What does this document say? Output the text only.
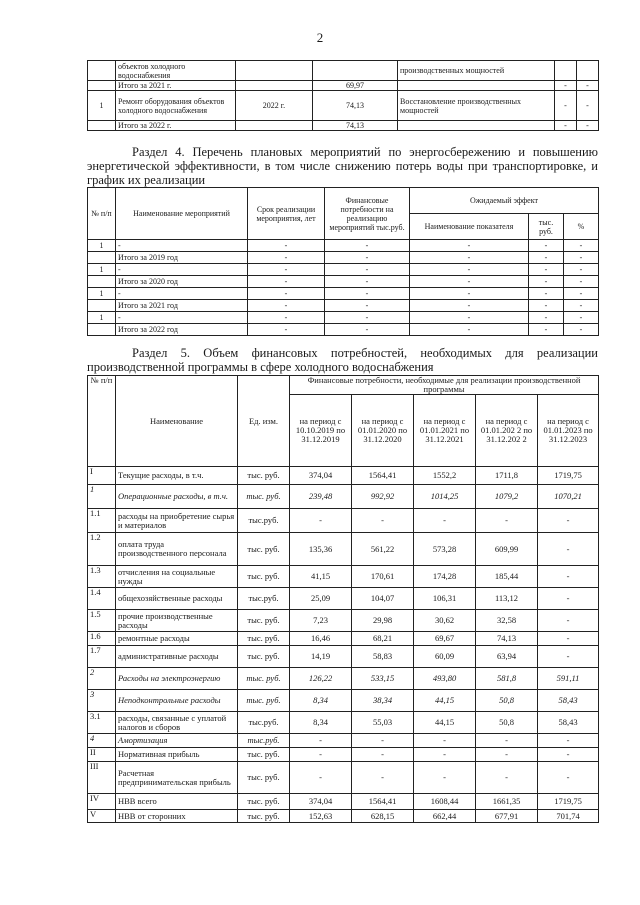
2
	объектов холодного водоснабжения			производственных мощностей		
	Итого за 2021 г.		69,97		-	-
1	Ремонт оборудования объектов холодного водоснабжения	2022 г.	74,13	Восстановление производственных мощностей	-	-
	Итого за 2022 г.		74,13		-	-
Раздел 4. Перечень плановых мероприятий по энергосбережению и повышению энергетической эффективности, в том числе снижению потерь воды при транспортировке, и график их реализации
№ п/п	Наименование мероприятий	Срок реализации мероприятия, лет	Финансовые потребности на реализацию мероприятий тыс.руб.	Ожидаемый эффект		
				Наименование показателя	тыс. руб.	%
1	-	-	-	-	-	-
	Итого за 2019 год	-	-	-	-	-
1	-	-	-	-	-	-
	Итого за 2020 год	-	-	-	-	-
1	-	-	-	-	-	-
	Итого за 2021 год	-	-	-	-	-
1	-	-	-	-	-	-
	Итого за 2022 год	-	-	-	-	-
Раздел 5. Объем финансовых потребностей, необходимых для реализации производственной программы в сфере холодного водоснабжения
№ п/п	Наименование	Ед. изм.	Финансовые потребности, необходимые для реализации производственной программы				
			на период с 10.10.2019 по 31.12.2019	на период с 01.01.2020 по 31.12.2020	на период с 01.01.2021 по 31.12.2021	на период с 01.01.202 2 по 31.12.202 2	на период с 01.01.2023 по 31.12.2023
I	Текущие расходы, в т.ч.	тыс. руб.	374,04	1564,41	1552,2	1711,8	1719,75
1	Операционные расходы, в т.ч.	тыс. руб.	239,48	992,92	1014,25	1079,2	1070,21
1.1	расходы на приобретение сырья и материалов	тыс.руб.	-	-	-	-	-
1.2	оплата труда производственного персонала	тыс. руб.	135,36	561,22	573,28	609,99	-
1.3	отчисления на социальные нужды	тыс. руб.	41,15	170,61	174,28	185,44	-
1.4	общехозяйственные расходы	тыс.руб.	25,09	104,07	106,31	113,12	-
1.5	прочие производственные расходы	тыс. руб.	7,23	29,98	30,62	32,58	-
1.6	ремонтные расходы	тыс. руб.	16,46	68,21	69,67	74,13	-
1.7	административные расходы	тыс. руб.	14,19	58,83	60,09	63,94	-
2	Расходы на электроэнергию	тыс. руб.	126,22	533,15	493,80	581,8	591,11
3	Неподконтрольные расходы	тыс. руб.	8,34	38,34	44,15	50,8	58,43
3.1	расходы, связанные с уплатой налогов и сборов	тыс.руб.	8,34	55,03	44,15	50,8	58,43
4	Амортизация	тыс.руб.	-	-	-	-	-
II	Нормативная прибыль	тыс. руб.	-	-	-	-	-
III	Расчетная предпринимательская прибыль	тыс. руб.	-	-	-	-	-
IV	НВВ всего	тыс. руб.	374,04	1564,41	1608,44	1661,35	1719,75
V	НВВ от сторонних	тыс. руб.	152,63	628,15	662,44	677,91	701,74
